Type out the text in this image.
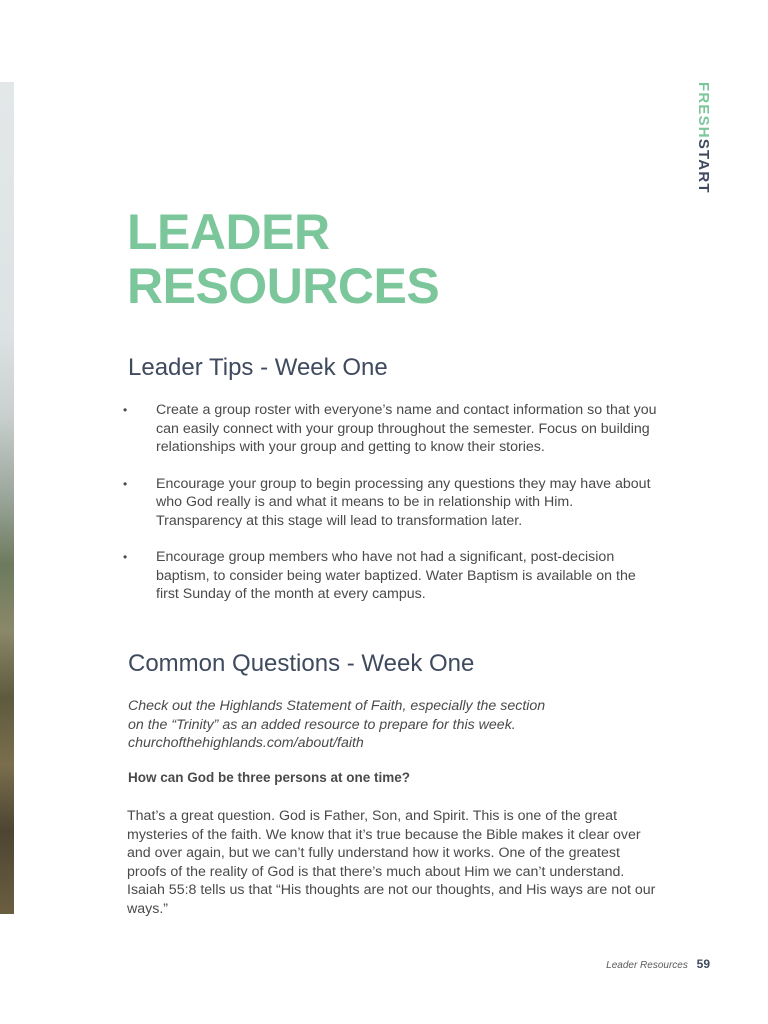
FRESHSTART
LEADER
RESOURCES
Leader Tips - Week One
• Create a group roster with everyone’s name and contact information so that you can easily connect with your group throughout the semester. Focus on building relationships with your group and getting to know their stories.
• Encourage your group to begin processing any questions they may have about who God really is and what it means to be in relationship with Him. Transparency at this stage will lead to transformation later.
• Encourage group members who have not had a significant, post-decision baptism, to consider being water baptized. Water Baptism is available on the first Sunday of the month at every campus.
Common Questions - Week One

Check out the Highlands Statement of Faith, especially the section
on the “Trinity” as an added resource to prepare for this week.
churchofthehighlands.com/about/faith

How can God be three persons at one time?

That’s a great question. God is Father, Son, and Spirit. This is one of the great mysteries of the faith. We know that it’s true because the Bible makes it clear over and over again, but we can’t fully understand how it works. One of the greatest proofs of the reality of God is that there’s much about Him we can’t understand. Isaiah 55:8 tells us that “His thoughts are not our thoughts, and His ways are not our ways.”

Leader Resources 59
